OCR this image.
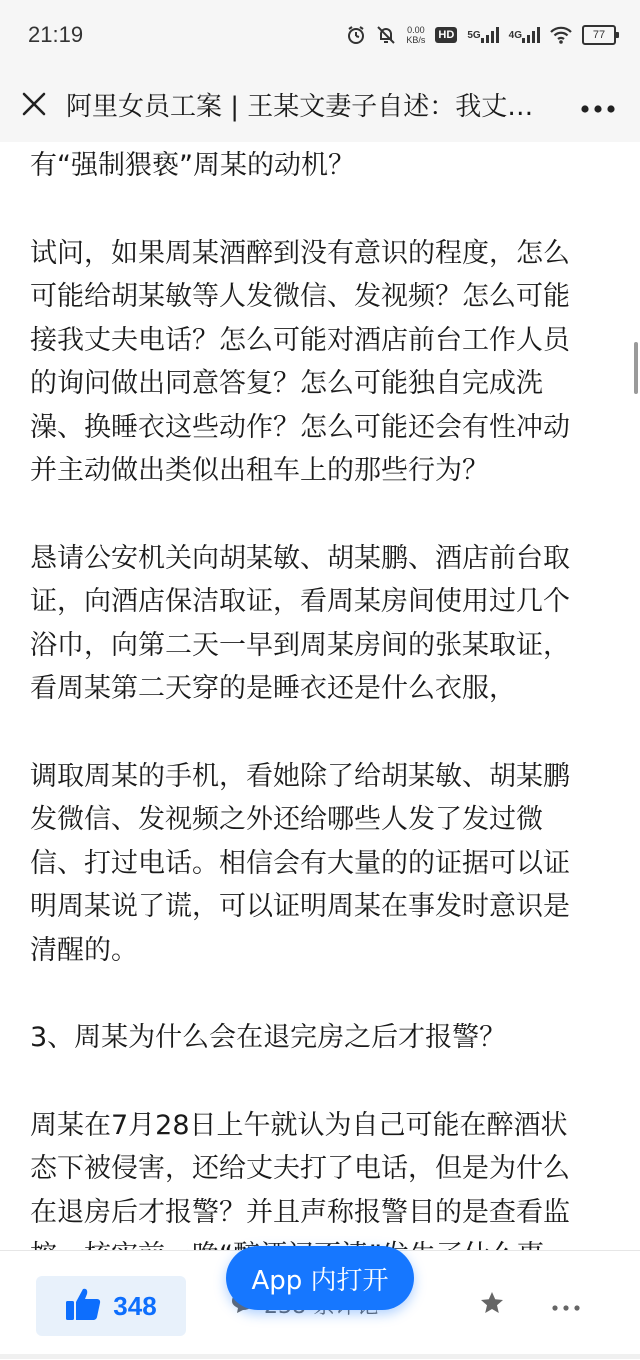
21:19	0.00
KB/s HD	5G	4G	77
阿里女员工案 | 王某文妻子自述：我丈…

有“强制猥亵”周某的动机？

试问，如果周某酒醉到没有意识的程度，怎么
可能给胡某敏等人发微信、发视频？怎么可能
接我丈夫电话？怎么可能对酒店前台工作人员
的询问做出同意答复？怎么可能独自完成洗
澡、换睡衣这些动作？怎么可能还会有性冲动
并主动做出类似出租车上的那些行为？

恳请公安机关向胡某敏、胡某鹏、酒店前台取
证，向酒店保洁取证，看周某房间使用过几个
浴巾，向第二天一早到周某房间的张某取证，
看周某第二天穿的是睡衣还是什么衣服，

调取周某的手机，看她除了给胡某敏、胡某鹏
发微信、发视频之外还给哪些人发了发过微
信、打过电话。相信会有大量的的证据可以证
明周某说了谎，可以证明周某在事发时意识是
清醒的。

3、周某为什么会在退完房之后才报警？

周某在7月28日上午就认为自己可能在醉酒状
态下被侵害，还给丈夫打了电话，但是为什么
在退房后才报警？并且声称报警目的是查看监

348
App 内打开
